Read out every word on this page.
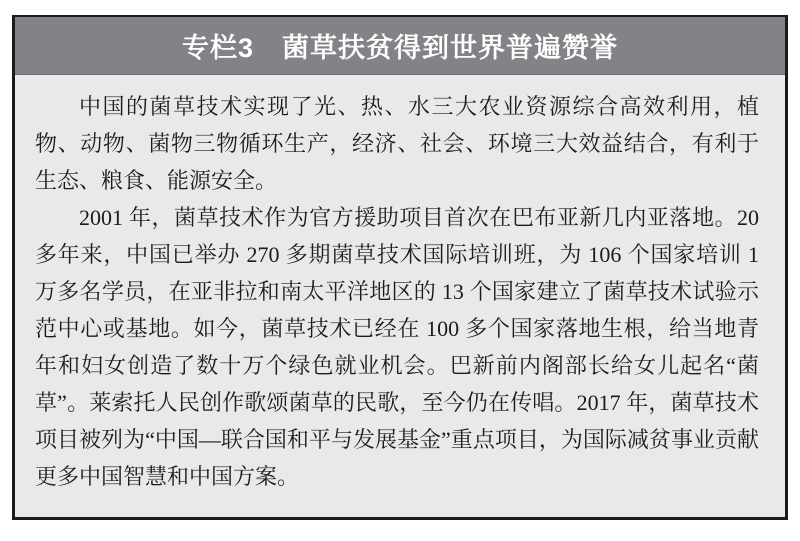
专栏3　菌草扶贫得到世界普遍赞誉

中国的菌草技术实现了光、热、水三大农业资源综合高效利用，植物、动物、菌物三物循环生产，经济、社会、环境三大效益结合，有利于生态、粮食、能源安全。

2001 年，菌草技术作为官方援助项目首次在巴布亚新几内亚落地。20 多年来，中国已举办 270 多期菌草技术国际培训班，为 106 个国家培训 1 万多名学员，在亚非拉和南太平洋地区的 13 个国家建立了菌草技术试验示范中心或基地。如今，菌草技术已经在 100 多个国家落地生根，给当地青年和妇女创造了数十万个绿色就业机会。巴新前内阁部长给女儿起名“菌草”。莱索托人民创作歌颂菌草的民歌，至今仍在传唱。2017 年，菌草技术项目被列为“中国—联合国和平与发展基金”重点项目，为国际减贫事业贡献更多中国智慧和中国方案。
